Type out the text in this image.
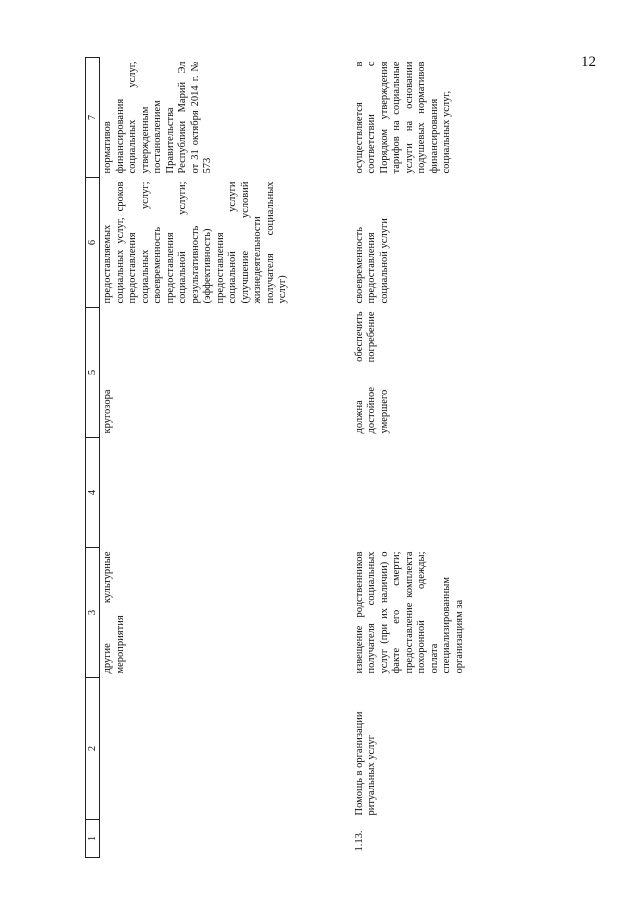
12
1	2	3	4	5	6	7
		другие культурные мероприятия		кругозора	предоставляемых социальных услуг, сроков предоставления социальных услуг; своевременность предоставления социальной услуги; результативность (эффективность) предоставления социальной услуги (улучшение условий жизнедеятельности получателя социальных услуг)	нормативов финансирования социальных услуг, утвержденным постановлением Правительства Республики Марий Эл от 31 октября 2014 г. № 573
1.13.	Помощь в организации ритуальных услуг	извещение родственников получателя социальных услуг (при их наличии) о факте его смерти; предоставление комплекта похоронной одежды; оплата специализированным организациям за		должна обеспечить достойное погребение умершего	своевременность предоставления социальной услуги	осуществляется в соответствии с Порядком утверждения тарифов на социальные услуги на основании подушевых нормативов финансирования социальных услуг,
